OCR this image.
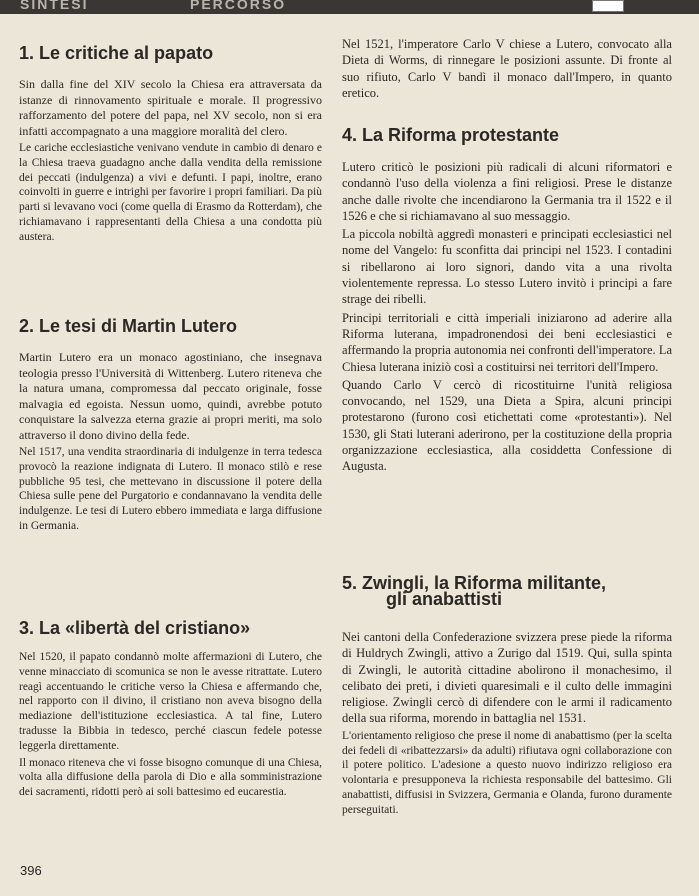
SINTESI	PERCORSO
1. Le critiche al papato

Sin dalla fine del XIV secolo la Chiesa era attraversata da istanze di rinnovamento spirituale e morale. Il progressivo rafforzamento del potere del papa, nel XV secolo, non si era infatti accompagnato a una maggiore moralità del clero.

Le cariche ecclesiastiche venivano vendute in cambio di denaro e la Chiesa traeva guadagno anche dalla vendita della remissione dei peccati (indulgenza) a vivi e defunti. I papi, inoltre, erano coinvolti in guerre e intrighi per favorire i propri familiari. Da più parti si levavano voci (come quella di Erasmo da Rotterdam), che richiamavano i rappresentanti della Chiesa a una condotta più austera.

2. Le tesi di Martin Lutero

Martin Lutero era un monaco agostiniano, che insegnava teologia presso l'Università di Wittenberg. Lutero riteneva che la natura umana, compromessa dal peccato originale, fosse malvagia ed egoista. Nessun uomo, quindi, avrebbe potuto conquistare la salvezza eterna grazie ai propri meriti, ma solo attraverso il dono divino della fede.

Nel 1517, una vendita straordinaria di indulgenze in terra tedesca provocò la reazione indignata di Lutero. Il monaco stilò e rese pubbliche 95 tesi, che mettevano in discussione il potere della Chiesa sulle pene del Purgatorio e condannavano la vendita delle indulgenze. Le tesi di Lutero ebbero immediata e larga diffusione in Germania.

3. La «libertà del cristiano»

Nel 1520, il papato condannò molte affermazioni di Lutero, che venne minacciato di scomunica se non le avesse ritrattate. Lutero reagì accentuando le critiche verso la Chiesa e affermando che, nel rapporto con il divino, il cristiano non aveva bisogno della mediazione dell'istituzione ecclesiastica. A tal fine, Lutero tradusse la Bibbia in tedesco, perché ciascun fedele potesse leggerla direttamente.

Il monaco riteneva che vi fosse bisogno comunque di una Chiesa, volta alla diffusione della parola di Dio e alla somministrazione dei sacramenti, ridotti però ai soli battesimo ed eucarestia.

396

Nel 1521, l'imperatore Carlo V chiese a Lutero, convocato alla Dieta di Worms, di rinnegare le posizioni assunte. Di fronte al suo rifiuto, Carlo V bandì il monaco dall'Impero, in quanto eretico.

4. La Riforma protestante

Lutero criticò le posizioni più radicali di alcuni riformatori e condannò l'uso della violenza a fini religiosi. Prese le distanze anche dalle rivolte che incendiarono la Germania tra il 1522 e il 1526 e che si richiamavano al suo messaggio.

La piccola nobiltà aggredì monasteri e principati ecclesiastici nel nome del Vangelo: fu sconfitta dai principi nel 1523. I contadini si ribellarono ai loro signori, dando vita a una rivolta violentemente repressa. Lo stesso Lutero invitò i principi a fare strage dei ribelli.

Principi territoriali e città imperiali iniziarono ad aderire alla Riforma luterana, impadronendosi dei beni ecclesiastici e affermando la propria autonomia nei confronti dell'imperatore. La Chiesa luterana iniziò così a costituirsi nei territori dell'Impero.

Quando Carlo V cercò di ricostituirne l'unità religiosa convocando, nel 1529, una Dieta a Spira, alcuni principi protestarono (furono così etichettati come «protestanti»). Nel 1530, gli Stati luterani aderirono, per la costituzione della propria organizzazione ecclesiastica, alla cosiddetta Confessione di Augusta.

5. Zwingli, la Riforma militante,
gli anabattisti

Nei cantoni della Confederazione svizzera prese piede la riforma di Huldrych Zwingli, attivo a Zurigo dal 1519. Qui, sulla spinta di Zwingli, le autorità cittadine abolirono il monachesimo, il celibato dei preti, i divieti quaresimali e il culto delle immagini religiose. Zwingli cercò di difendere con le armi il radicamento della sua riforma, morendo in battaglia nel 1531.

L'orientamento religioso che prese il nome di anabattismo (per la scelta dei fedeli di «ribattezzarsi» da adulti) rifiutava ogni collaborazione con il potere politico. L'adesione a questo nuovo indirizzo religioso era volontaria e presupponeva la richiesta responsabile del battesimo. Gli anabattisti, diffusisi in Svizzera, Germania e Olanda, furono duramente perseguitati.
